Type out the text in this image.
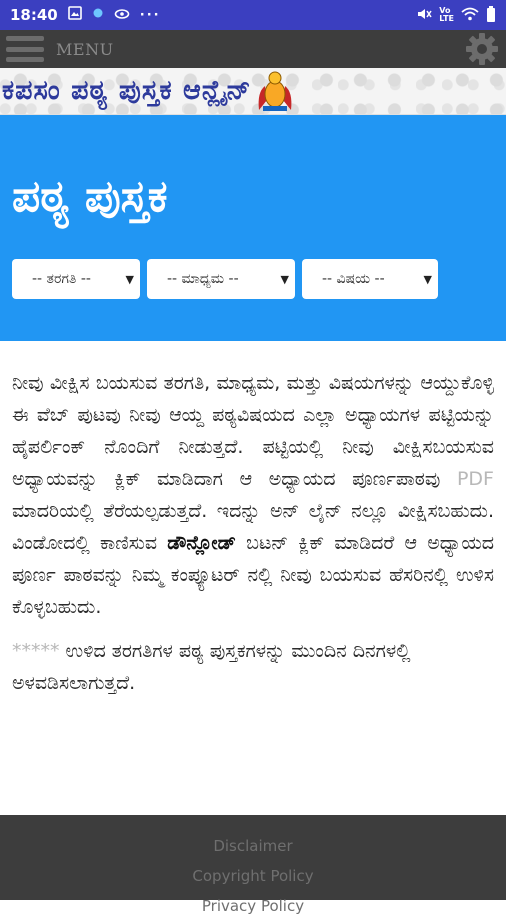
18:40	···	Vo
LTE
MENU
ಕಪಸಂ ಪಠ್ಯ ಪುಸ್ತಕ ಆನ್ಲೈನ್
ಪಠ್ಯ ಪುಸ್ತಕ
-- ತರಗತಿ --	▼ -- ಮಾಧ್ಯಮ --	▼ -- ವಿಷಯ --	▼

ನೀವು ವೀಕ್ಷಿಸ ಬಯಸುವ ತರಗತಿ, ಮಾಧ್ಯಮ, ಮತ್ತು ವಿಷಯಗಳನ್ನು ಆಯ್ದುಕೊಳ್ಳಿ ಈ ವೆಬ್ ಪುಟವು ನೀವು ಆಯ್ದ ಪಠ್ಯವಿಷಯದ ಎಲ್ಲಾ ಅಧ್ಯಾಯಗಳ ಪಟ್ಟಿಯನ್ನು ಹೈಪರ್ಲಿಂಕ್ ನೊಂದಿಗೆ ನೀಡುತ್ತದೆ. ಪಟ್ಟಿಯಲ್ಲಿ ನೀವು ವೀಕ್ಷಿಸಬಯಸುವ ಅಧ್ಯಾಯವನ್ನು ಕ್ಲಿಕ್ ಮಾಡಿದಾಗ ಆ ಅಧ್ಯಾಯದ ಪೂರ್ಣಪಾಠವು PDF ಮಾದರಿಯಲ್ಲಿ ತೆರೆಯಲ್ಪಡುತ್ತದೆ. ಇದನ್ನು ಅನ್ ಲೈನ್ ನಲ್ಲೂ ವೀಕ್ಷಿಸಬಹುದು. ವಿಂಡೋದಲ್ಲಿ ಕಾಣಿಸುವ ಡೌನ್ಲೋಡ್ ಬಟನ್ ಕ್ಲಿಕ್ ಮಾಡಿದರೆ ಆ ಅಧ್ಯಾಯದ ಪೂರ್ಣ ಪಾಠವನ್ನು ನಿಮ್ಮ ಕಂಪ್ಯೂಟರ್ ನಲ್ಲಿ ನೀವು ಬಯಸುವ ಹೆಸರಿನಲ್ಲಿ ಉಳಿಸ ಕೊಳ್ಳಬಹುದು.

***** ಉಳಿದ ತರಗತಿಗಳ ಪಠ್ಯ ಪುಸ್ತಕಗಳನ್ನು ಮುಂದಿನ ದಿನಗಳಲ್ಲಿ ಅಳವಡಿಸಲಾಗುತ್ತದೆ.

Disclaimer
Copyright Policy
Privacy Policy
